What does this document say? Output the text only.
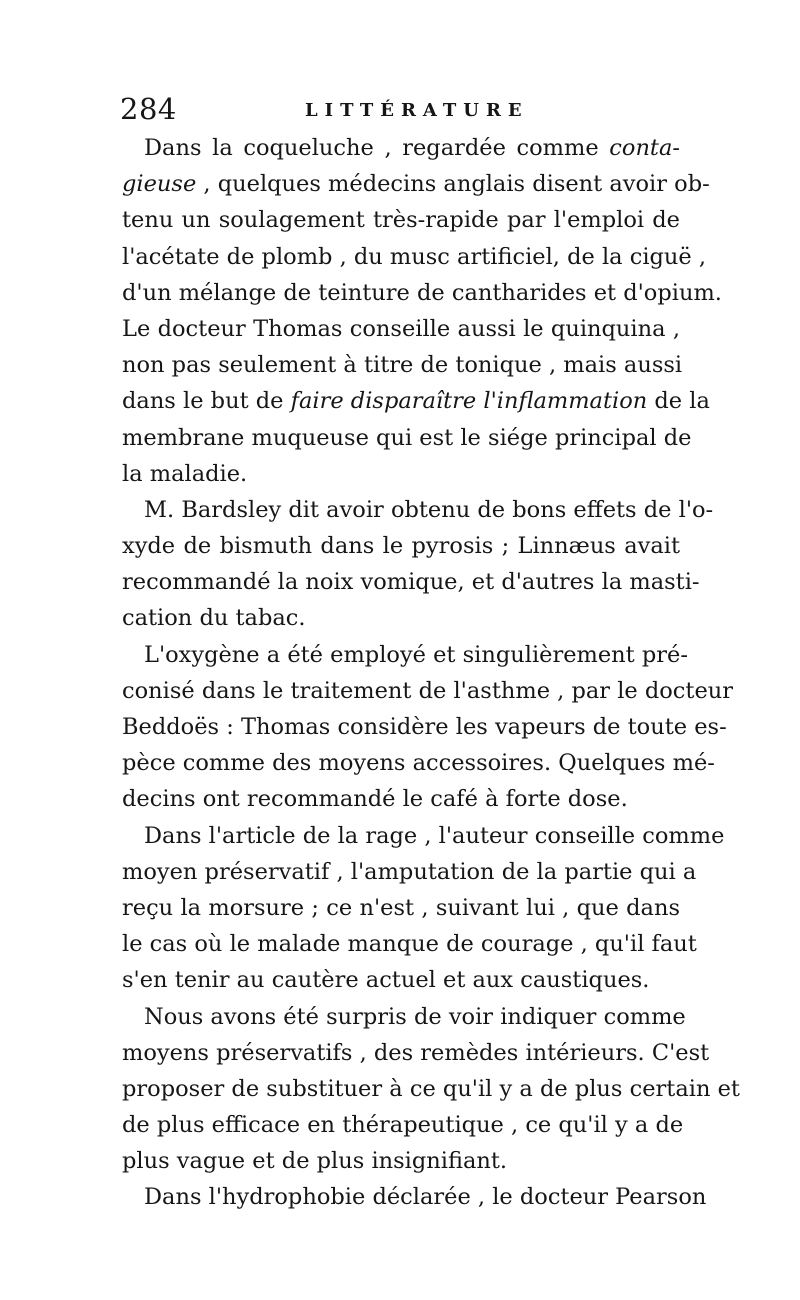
284	LITTÉRATURE
Dans la coqueluche , regardée comme conta-
gieuse , quelques médecins anglais disent avoir ob-
tenu un soulagement très-rapide par l'emploi de
l'acétate de plomb , du musc artificiel, de la ciguë ,
d'un mélange de teinture de cantharides et d'opium.
Le docteur Thomas conseille aussi le quinquina ,
non pas seulement à titre de tonique , mais aussi
dans le but de faire disparaître l'inflammation de la
membrane muqueuse qui est le siége principal de
la maladie.
M. Bardsley dit avoir obtenu de bons effets de l'o-
xyde de bismuth dans le pyrosis ; Linnæus avait
recommandé la noix vomique, et d'autres la masti-
cation du tabac.
L'oxygène a été employé et singulièrement pré-
conisé dans le traitement de l'asthme , par le docteur
Beddoës : Thomas considère les vapeurs de toute es-
pèce comme des moyens accessoires. Quelques mé-
decins ont recommandé le café à forte dose.
Dans l'article de la rage , l'auteur conseille comme
moyen préservatif , l'amputation de la partie qui a
reçu la morsure ; ce n'est , suivant lui , que dans
le cas où le malade manque de courage , qu'il faut
s'en tenir au cautère actuel et aux caustiques.
Nous avons été surpris de voir indiquer comme
moyens préservatifs , des remèdes intérieurs. C'est
proposer de substituer à ce qu'il y a de plus certain et
de plus efficace en thérapeutique , ce qu'il y a de
plus vague et de plus insignifiant.
Dans l'hydrophobie déclarée , le docteur Pearson
